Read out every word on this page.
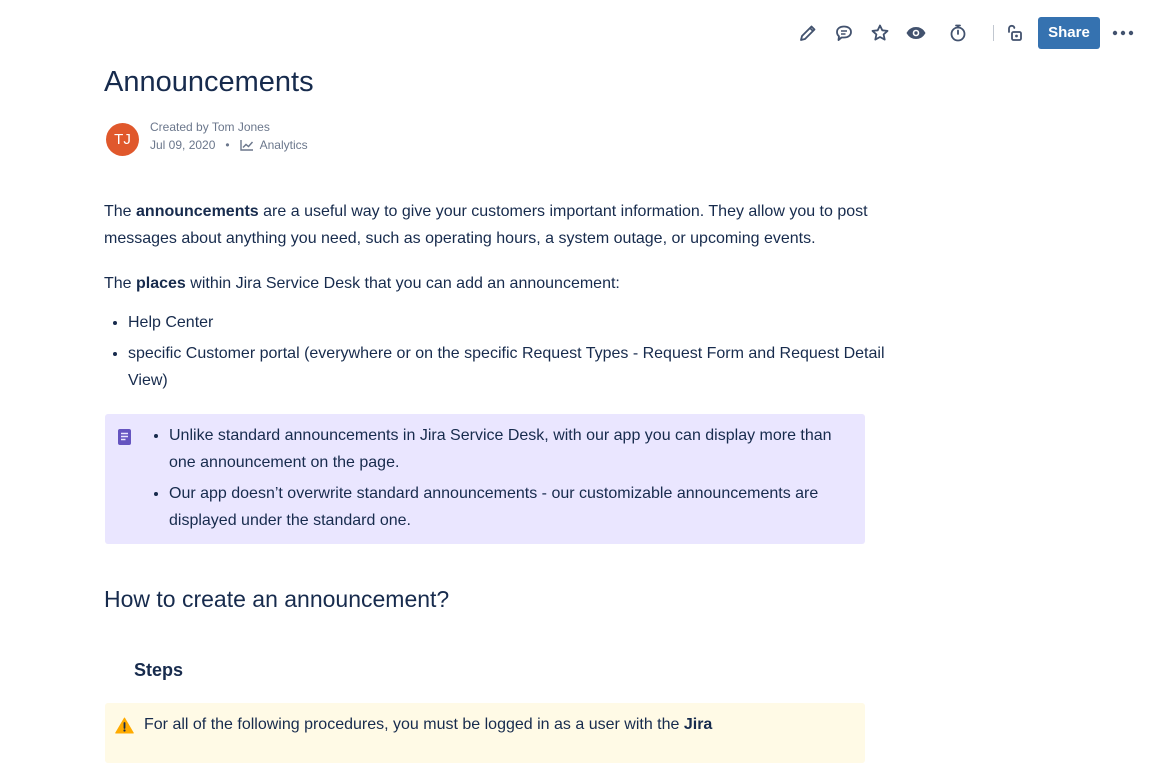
Share
Announcements
TJ
Created by Tom Jones
Jul 09, 2020 •	Analytics

The announcements are a useful way to give your customers important information. They allow you to post messages about anything you need, such as operating hours, a system outage, or upcoming events.

The places within Jira Service Desk that you can add an announcement:

• Help Center
• specific Customer portal (everywhere or on the specific Request Types - Request Form and Request Detail View)
• Unlike standard announcements in Jira Service Desk, with our app you can display more than one announcement on the page.
• Our app doesn’t overwrite standard announcements - our customizable announcements are displayed under the standard one.
How to create an announcement?
Steps
For all of the following procedures, you must be logged in as a user with the Jira
